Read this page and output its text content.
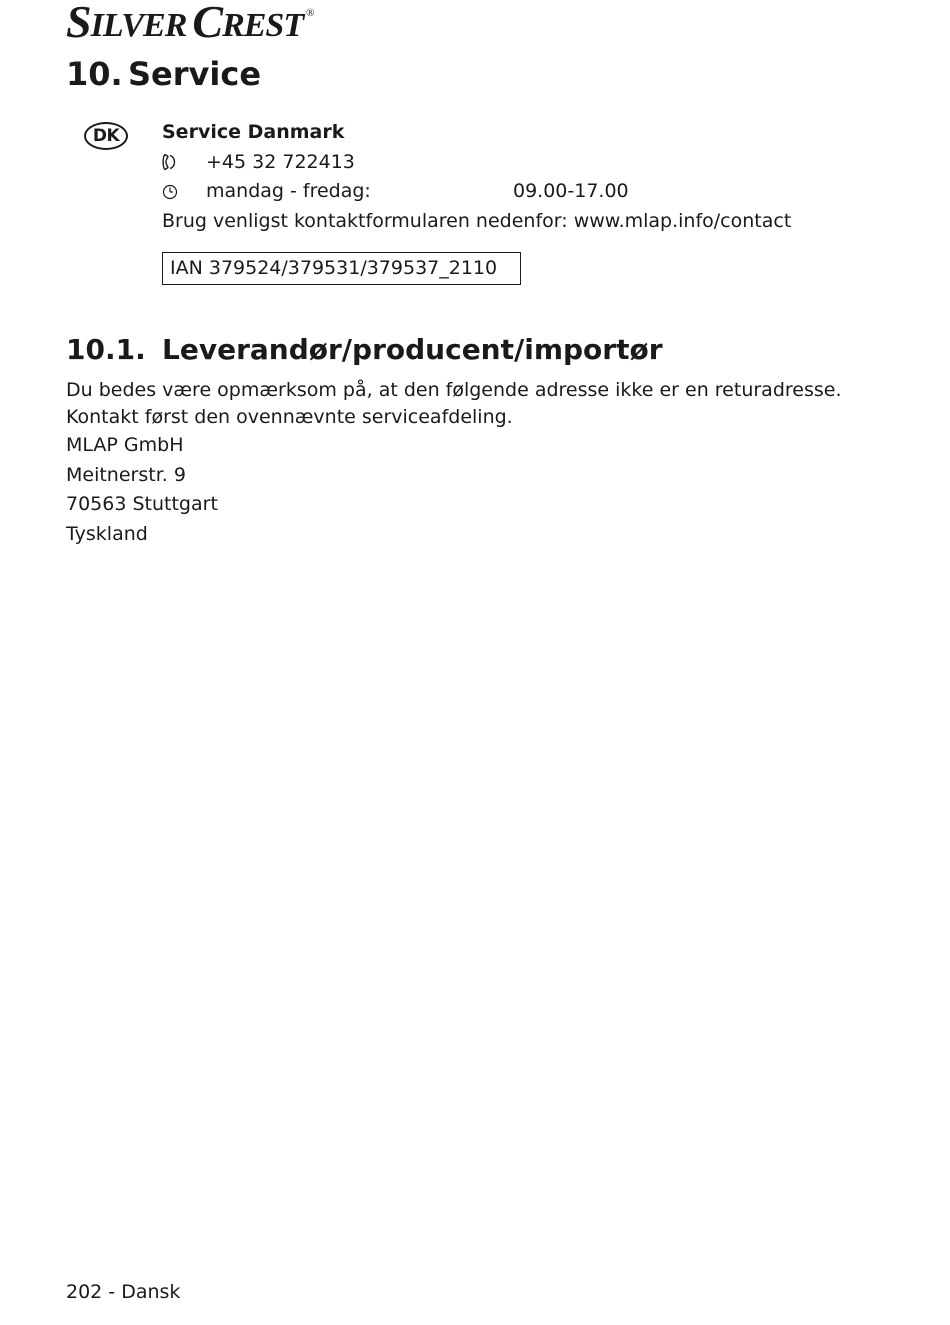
S ILVER C REST ®
10. Service
DK	Service Danmark
+45 32 722413
mandag - fredag:	09.00-17.00
Brug venligst kontaktformularen nedenfor: www.mlap.info/contact
IAN 379524/379531/379537_2110
10.1. Leverandør/producent/importør

Du bedes være opmærksom på, at den følgende adresse ikke er en returadresse. Kontakt først den ovennævnte serviceafdeling.

MLAP GmbH

Meitnerstr. 9

70563 Stuttgart

Tyskland

202 - Dansk
